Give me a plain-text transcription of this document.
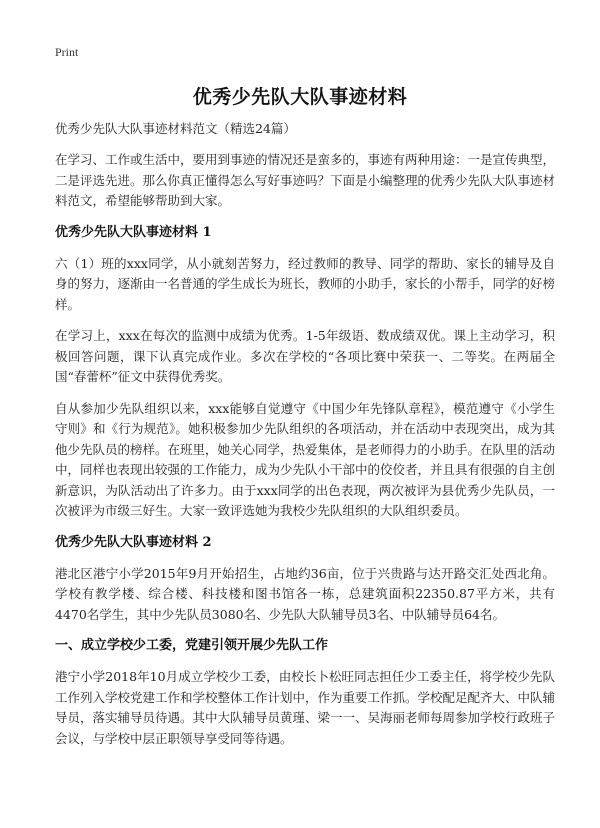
Print
优秀少先队大队事迹材料

优秀少先队大队事迹材料范文（精选24篇）

在学习、工作或生活中，要用到事迹的情况还是蛮多的，事迹有两种用途：一是宣传典型，二是评选先进。那么你真正懂得怎么写好事迹吗？下面是小编整理的优秀少先队大队事迹材料范文，希望能够帮助到大家。

优秀少先队大队事迹材料 1

六（1）班的xxx同学，从小就刻苦努力，经过教师的教导、同学的帮助、家长的辅导及自身的努力，逐渐由一名普通的学生成长为班长，教师的小助手，家长的小帮手，同学的好榜样。

在学习上，xxx在每次的监测中成绩为优秀。1-5年级语、数成绩双优。课上主动学习，积极回答问题，课下认真完成作业。多次在学校的“各项比赛中荣获一、二等奖。在两届全国“春蕾杯”征文中获得优秀奖。

自从参加少先队组织以来，xxx能够自觉遵守《中国少年先锋队章程》，模范遵守《小学生守则》和《行为规范》。她积极参加少先队组织的各项活动，并在活动中表现突出，成为其他少先队员的榜样。在班里，她关心同学，热爱集体，是老师得力的小助手。在队里的活动中，同样也表现出较强的工作能力，成为少先队小干部中的佼佼者，并且具有很强的自主创新意识，为队活动出了许多力。由于xxx同学的出色表现，两次被评为县优秀少先队员，一次被评为市级三好生。大家一致评选她为我校少先队组织的大队组织委员。

优秀少先队大队事迹材料 2

港北区港宁小学2015年9月开始招生，占地约36亩，位于兴贵路与达开路交汇处西北角。学校有教学楼、综合楼、科技楼和图书馆各一栋，总建筑面积22350.87平方米，共有4470名学生，其中少先队员3080名、少先队大队辅导员3名、中队辅导员64名。

一、成立学校少工委，党建引领开展少先队工作

港宁小学2018年10月成立学校少工委，由校长卜松旺同志担任少工委主任，将学校少先队工作列入学校党建工作和学校整体工作计划中，作为重要工作抓。学校配足配齐大、中队辅导员，落实辅导员待遇。其中大队辅导员黄瑾、梁一一、吴海丽老师每周参加学校行政班子会议，与学校中层正职领导享受同等待遇。
